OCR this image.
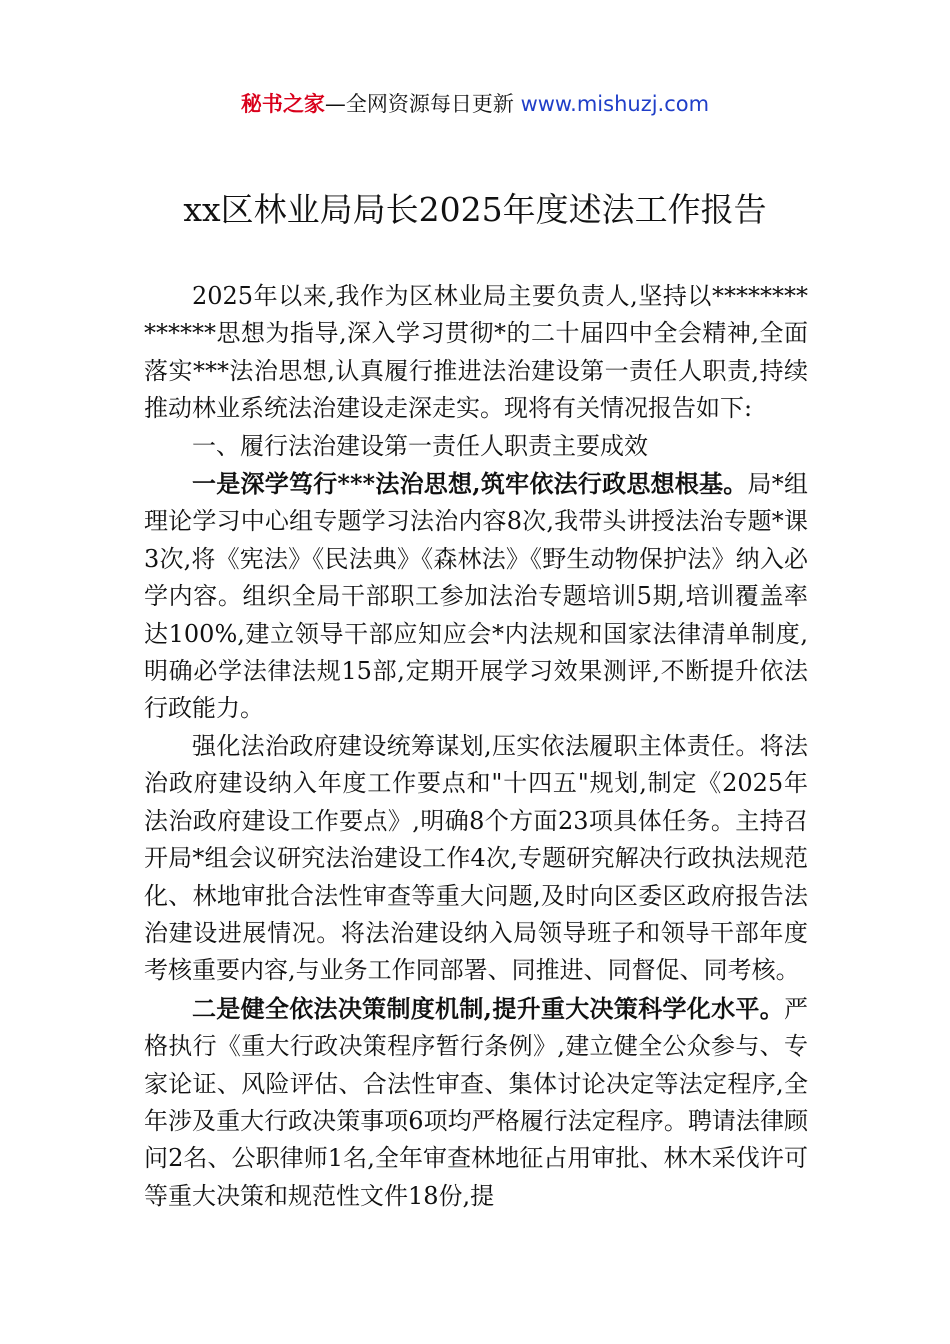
秘书之家—全网资源每日更新 www.mishuzj.com
xx区林业局局长2025年度述法工作报告

2025年以来,我作为区林业局主要负责人,坚持以**************思想为指导,深入学习贯彻*的二十届四中全会精神,全面落实***法治思想,认真履行推进法治建设第一责任人职责,持续推动林业系统法治建设走深走实。现将有关情况报告如下:

一、履行法治建设第一责任人职责主要成效

一是深学笃行***法治思想,筑牢依法行政思想根基。局*组理论学习中心组专题学习法治内容8次,我带头讲授法治专题*课3次,将《宪法》《民法典》《森林法》《野生动物保护法》纳入必学内容。组织全局干部职工参加法治专题培训5期,培训覆盖率达100%,建立领导干部应知应会*内法规和国家法律清单制度,明确必学法律法规15部,定期开展学习效果测评,不断提升依法行政能力。

强化法治政府建设统筹谋划,压实依法履职主体责任。将法治政府建设纳入年度工作要点和"十四五"规划,制定《2025年法治政府建设工作要点》,明确8个方面23项具体任务。主持召开局*组会议研究法治建设工作4次,专题研究解决行政执法规范化、林地审批合法性审查等重大问题,及时向区委区政府报告法治建设进展情况。将法治建设纳入局领导班子和领导干部年度考核重要内容,与业务工作同部署、同推进、同督促、同考核。

二是健全依法决策制度机制,提升重大决策科学化水平。严格执行《重大行政决策程序暂行条例》,建立健全公众参与、专家论证、风险评估、合法性审查、集体讨论决定等法定程序,全年涉及重大行政决策事项6项均严格履行法定程序。聘请法律顾问2名、公职律师1名,全年审查林地征占用审批、林木采伐许可等重大决策和规范性文件18份,提
